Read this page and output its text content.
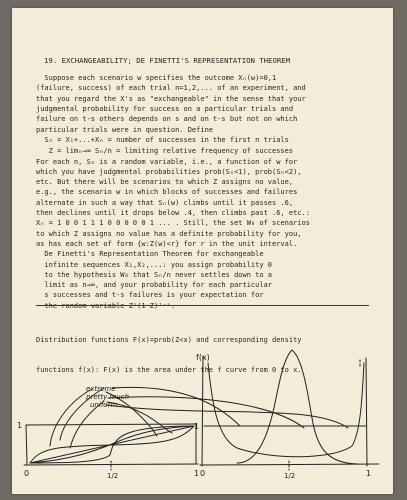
19. EXCHANGEABILITY; DE FINETTI'S REPRESENTATION THEOREM

Suppose each scenario w specifies the outcome Xₙ(w)=0,1

(failure, success) of each trial n=1,2,... of an experiment, and

that you regard the X's as "exchangeable" in the sense that your

judgmental probability for success on a particular trials and

failure on t-s others depends on s and on t-s but not on which

particular trials were in question. Define

Sₙ = X₁+...+Xₙ = number of successes in the first n trials

Z = limₙ→∞ Sₙ/n = limiting relative frequency of successes

For each n, Sₙ is a random variable, i.e., a function of w for

which you have judgmental probabilities prob(Sₙ<1), prob(Sₙ<2),

etc. But there will be scenarios to which Z assigns no value,

e.g., the scenario w in which blocks of successes and failures

alternate in such a way that Sₙ(w) climbs until it passes .6,

then declines until it drops below .4, then climbs past .6, etc.:

Xₙ = 1 0 0 1 1 1 0 0 0 0 0 1 ... . Still, the set W₀ of scenarios

to which Z assigns no value has a definite probability for you,

as has each set of form {w:Z(w)<r} for r in the unit interval.

De Finetti's Representation Theorem for exchangeable

infinite sequences X₁,X₂,...: you assign probability 0

to the hypothesis W₀ that Sₙ/n never settles down to a

limit as n→∞, and your probability for each particular

s successes and t-s failures is your expectation for

the random variable Zˢ(1-Z)ᵗ⁻ˢ.

Distribution functions F(x)=prob(Z<x) and corresponding density

functions f(x): F(x) is the area under the f curve from 0 to x.

1
0	1/2	1
extreme
pretty much
uniform
f(x)
1
0	1/2	1
